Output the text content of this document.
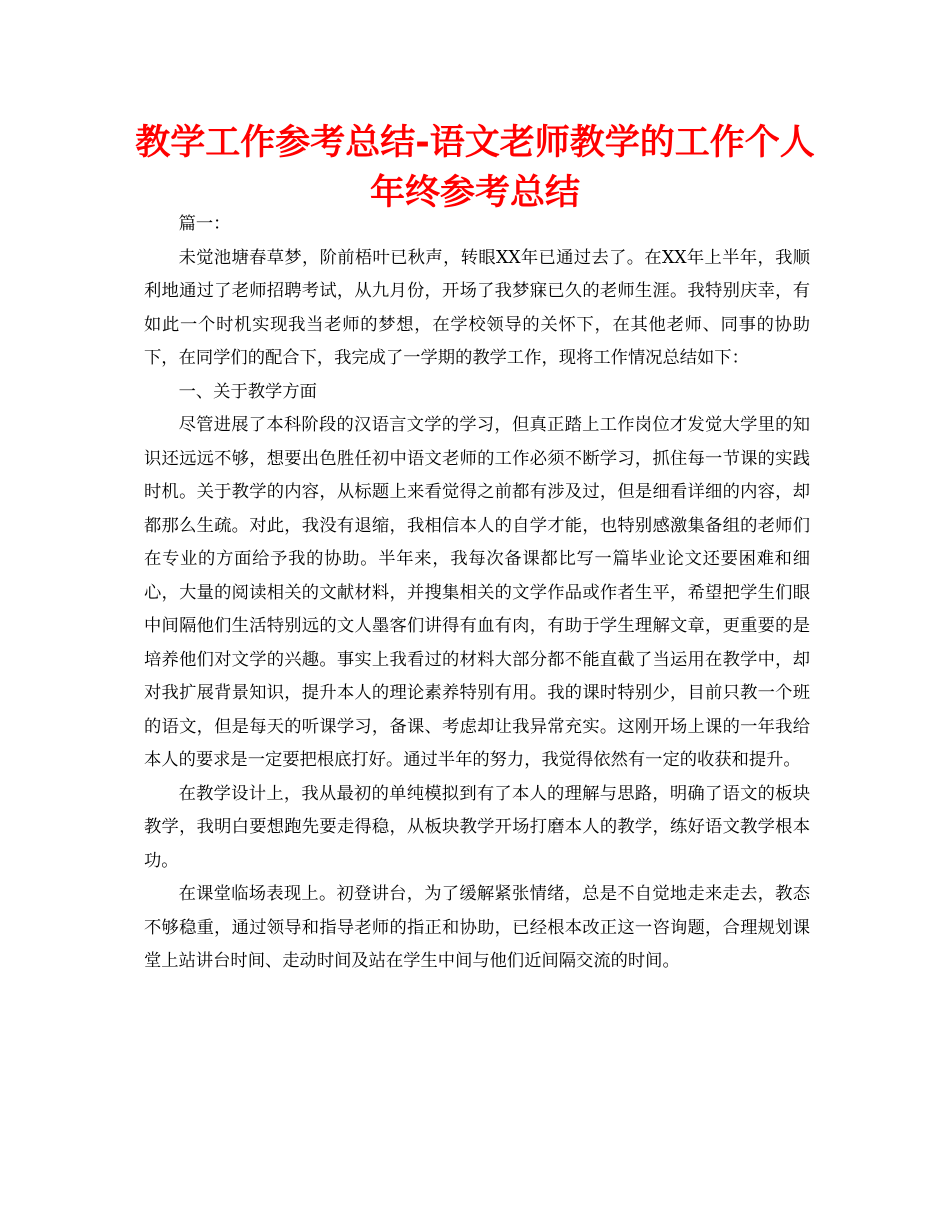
教学工作参考总结-语文老师教学的工作个人年终参考总结

篇一：

未觉池塘春草梦，阶前梧叶已秋声，转眼XX年已通过去了。在XX年上半年，我顺利地通过了老师招聘考试，从九月份，开场了我梦寐已久的老师生涯。我特别庆幸，有如此一个时机实现我当老师的梦想，在学校领导的关怀下，在其他老师、同事的协助下，在同学们的配合下，我完成了一学期的教学工作，现将工作情况总结如下：

一、关于教学方面

尽管进展了本科阶段的汉语言文学的学习，但真正踏上工作岗位才发觉大学里的知识还远远不够，想要出色胜任初中语文老师的工作必须不断学习，抓住每一节课的实践时机。关于教学的内容，从标题上来看觉得之前都有涉及过，但是细看详细的内容，却都那么生疏。对此，我没有退缩，我相信本人的自学才能，也特别感激集备组的老师们在专业的方面给予我的协助。半年来，我每次备课都比写一篇毕业论文还要困难和细心，大量的阅读相关的文献材料，并搜集相关的文学作品或作者生平，希望把学生们眼中间隔他们生活特别远的文人墨客们讲得有血有肉，有助于学生理解文章，更重要的是培养他们对文学的兴趣。事实上我看过的材料大部分都不能直截了当运用在教学中，却对我扩展背景知识，提升本人的理论素养特别有用。我的课时特别少，目前只教一个班的语文，但是每天的听课学习，备课、考虑却让我异常充实。这刚开场上课的一年我给本人的要求是一定要把根底打好。通过半年的努力，我觉得依然有一定的收获和提升。

在教学设计上，我从最初的单纯模拟到有了本人的理解与思路，明确了语文的板块教学，我明白要想跑先要走得稳，从板块教学开场打磨本人的教学，练好语文教学根本功。

在课堂临场表现上。初登讲台，为了缓解紧张情绪，总是不自觉地走来走去，教态不够稳重，通过领导和指导老师的指正和协助，已经根本改正这一咨询题，合理规划课堂上站讲台时间、走动时间及站在学生中间与他们近间隔交流的时间。
